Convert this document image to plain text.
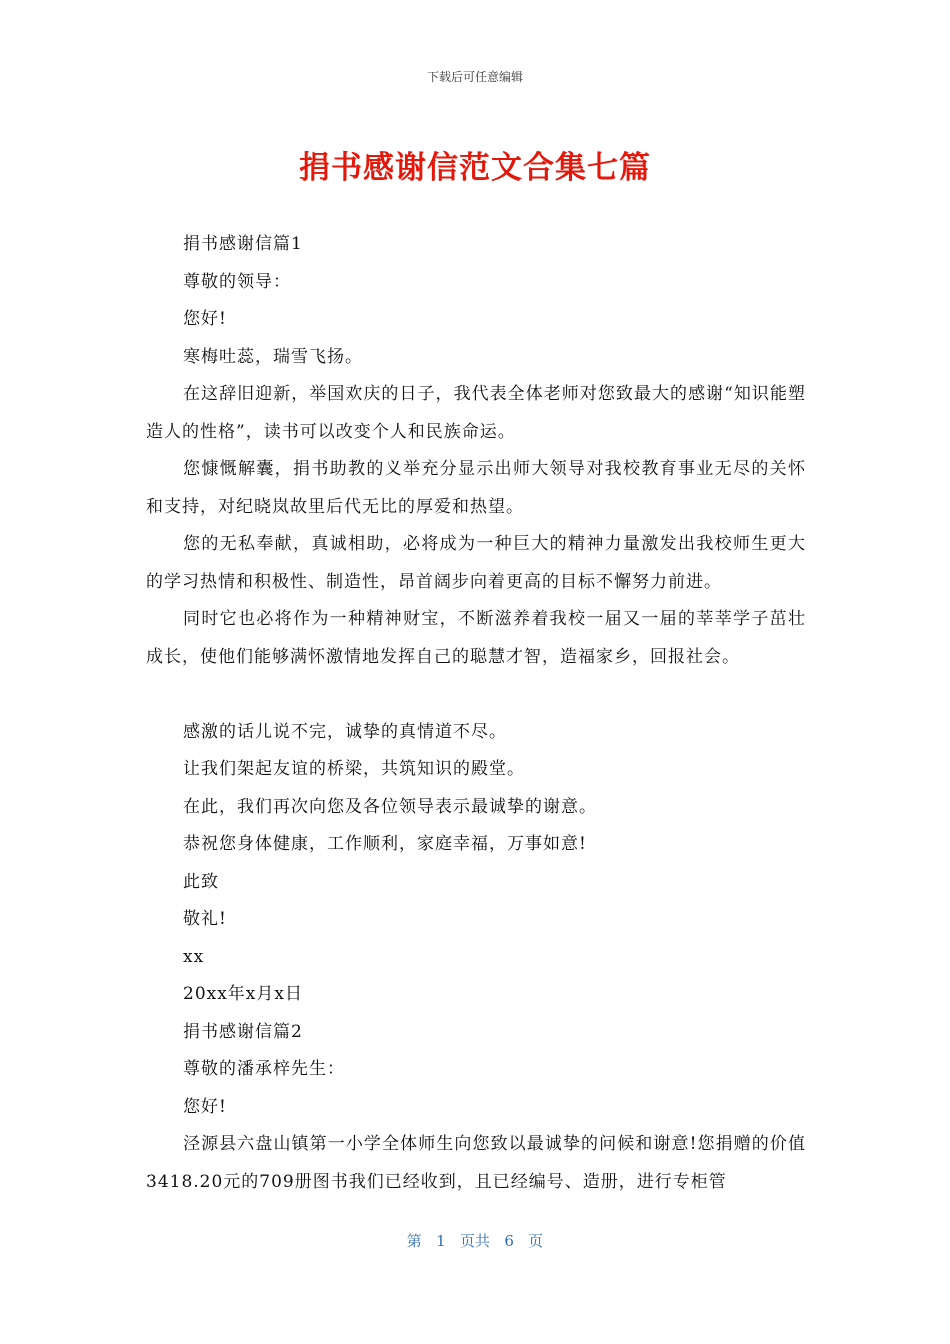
下载后可任意编辑
捐书感谢信范文合集七篇

捐书感谢信篇1

尊敬的领导：

您好!

寒梅吐蕊，瑞雪飞扬。

在这辞旧迎新，举国欢庆的日子，我代表全体老师对您致最大的感谢“知识能塑造人的性格”，读书可以改变个人和民族命运。

您慷慨解囊，捐书助教的义举充分显示出师大领导对我校教育事业无尽的关怀和支持，对纪晓岚故里后代无比的厚爱和热望。

您的无私奉献，真诚相助，必将成为一种巨大的精神力量激发出我校师生更大的学习热情和积极性、制造性，昂首阔步向着更高的目标不懈努力前进。

同时它也必将作为一种精神财宝，不断滋养着我校一届又一届的莘莘学子茁壮成长，使他们能够满怀激情地发挥自己的聪慧才智，造福家乡，回报社会。

感激的话儿说不完，诚挚的真情道不尽。

让我们架起友谊的桥梁，共筑知识的殿堂。

在此，我们再次向您及各位领导表示最诚挚的谢意。

恭祝您身体健康，工作顺利，家庭幸福，万事如意!

此致

敬礼!

xx

20xx年x月x日

捐书感谢信篇2

尊敬的潘承梓先生：

您好!

泾源县六盘山镇第一小学全体师生向您致以最诚挚的问候和谢意!您捐赠的价值3418.20元的709册图书我们已经收到，且已经编号、造册，进行专柜管

第 1 页共 6 页
